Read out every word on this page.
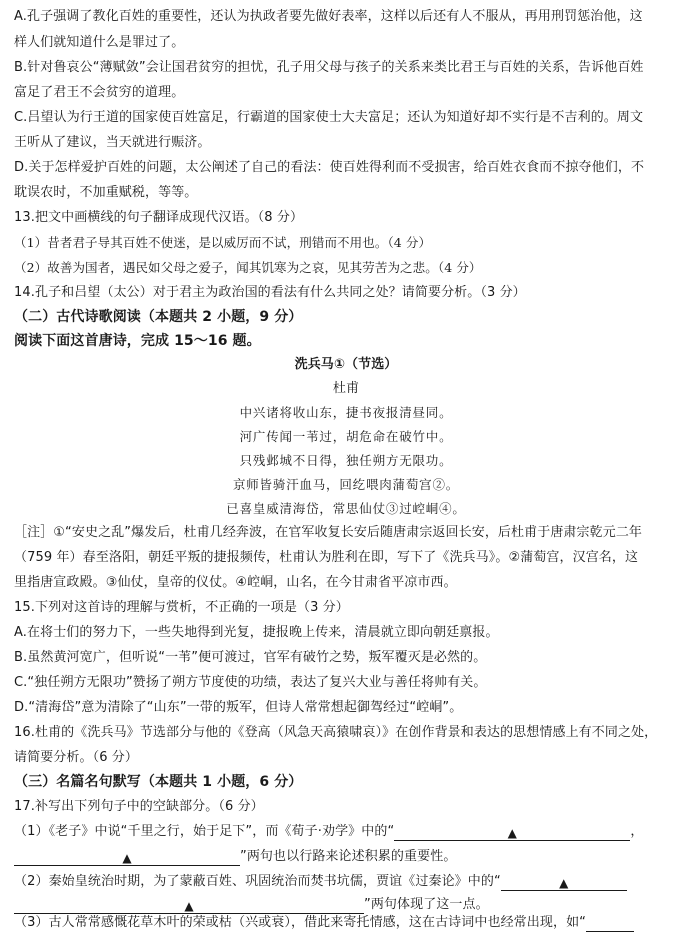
A.孔子强调了教化百姓的重要性，还认为执政者要先做好表率，这样以后还有人不服从，再用刑罚惩治他，这
样人们就知道什么是罪过了。
B.针对鲁哀公“薄赋敛”会让国君贫穷的担忧，孔子用父母与孩子的关系来类比君王与百姓的关系，告诉他百姓
富足了君王不会贫穷的道理。
C.吕望认为行王道的国家使百姓富足，行霸道的国家使士大夫富足；还认为知道好却不实行是不吉利的。周文
王听从了建议，当天就进行赈济。
D.关于怎样爱护百姓的问题，太公阐述了自己的看法：使百姓得利而不受损害，给百姓衣食而不掠夺他们，不
耽误农时，不加重赋税，等等。
13.把文中画横线的句子翻译成现代汉语。（8 分）
（1）昔者君子导其百姓不使迷，是以威厉而不试，刑错而不用也。（4 分）
（2）故善为国者，遇民如父母之爱子，闻其饥寒为之哀，见其劳苦为之悲。（4 分）
14.孔子和吕望（太公）对于君主为政治国的看法有什么共同之处？请简要分析。（3 分）
（二）古代诗歌阅读（本题共 2 小题，9 分）
阅读下面这首唐诗，完成 15～16 题。
洗兵马①（节选）
杜甫
中兴诸将收山东，捷书夜报清昼同。
河广传闻一苇过，胡危命在破竹中。
只残邺城不日得，独任朔方无限功。
京师皆骑汗血马，回纥喂肉蒲萄宫②。
已喜皇威清海岱，常思仙仗③过崆峒④。
［注］①“安史之乱”爆发后，杜甫几经奔波，在官军收复长安后随唐肃宗返回长安，后杜甫于唐肃宗乾元二年
（759 年）春至洛阳，朝廷平叛的捷报频传，杜甫认为胜利在即，写下了《洗兵马》。②蒲萄宫，汉宫名，这
里指唐宣政殿。③仙仗，皇帝的仪仗。④崆峒，山名，在今甘肃省平凉市西。
15.下列对这首诗的理解与赏析，不正确的一项是（3 分）
A.在将士们的努力下，一些失地得到光复，捷报晚上传来，清晨就立即向朝廷禀报。
B.虽然黄河宽广，但听说“一苇”便可渡过，官军有破竹之势，叛军覆灭是必然的。
C.“独任朔方无限功”赞扬了朔方节度使的功绩，表达了复兴大业与善任将帅有关。
D.“清海岱”意为清除了“山东”一带的叛军，但诗人常常想起御驾经过“崆峒”。
16.杜甫的《洗兵马》节选部分与他的《登高（风急天高猿啸哀）》在创作背景和表达的思想情感上有不同之处，
请简要分析。（6 分）
（三）名篇名句默写（本题共 1 小题，6 分）
17.补写出下列句子中的空缺部分。（6 分）
（1）《老子》中说“千里之行，始于足下”，而《荀子·劝学》中的“	▲	，
▲	”两句也以行路来论述积累的重要性。
（2）秦始皇统治时期，为了蒙蔽百姓、巩固统治而焚书坑儒，贾谊《过秦论》中的“	▲
▲	”两句体现了这一点。
（3）古人常常感慨花草木叶的荣或枯（兴或衰），借此来寄托情感，这在古诗词中也经常出现，如“
